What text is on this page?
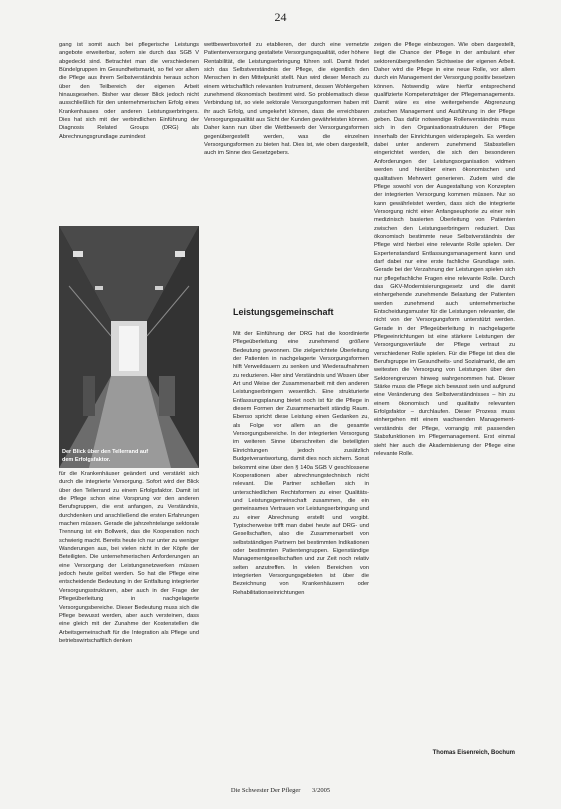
24

gang ist somit auch bei pflegerische Leistungs angebote erweiterbar, sofern sie durch das SGB V abgedeckt sind. Betrachtet man die verschiedenen Bündelgruppen im Gesundheitsmarkt, so fiel vor allem die Pflege aus ihrem Selbstverständnis heraus schon über den Teilbereich der eigenen Arbeit hinausgesehen. Bisher war dieser Blick jedoch nicht ausschließlich für den unternehmerischen Erfolg eines Krankenhauses oder anderen Leistungserbringers. Dies hat sich mit der verbindlichen Einführung der Diagnosis Related Groups (DRG) als Abrechnungsgrundlage zumindest

Der Blick über den Tellerrand auf dem Erfolgsfaktor.

für die Krankenhäuser geändert und verstärkt sich durch die integrierte Versorgung. Sofort wird der Blick über den Tellerrand zu einem Erfolgsfaktor. Damit ist die Pflege schon eine Vorsprung vor den anderen Berufsgruppen, die erst anfangen, zu Verständnis, durchdenken und anschließend die ersten Erfahrungen machen müssen. Gerade die jahrzehntelange sektorale Trennung ist ein Bollwerk, das die Kooperation noch schwierig macht. Bereits heute ich nur unter zu weniger Wanderungen aus, bei vielen nicht in der Köpfe der Beteiligten. Die unternehmerischen Anforderungen an eine Versorgung der Leistungsnetzwerken müssen jedoch heute gelöst werden. So hat die Pflege eine entscheidende Bedeutung in der Entfaltung integrierter Versorgungsstrukturen, aber auch in der Frage der Pflegeüberleitung in nachgelagerte Versorgungsbereiche. Dieser Bedeutung muss sich die Pflege bewusst werden, aber auch versteinen, dass eine gleich mit der Zunahme der Kostenstellen die Arbeitsgemeinschaft für die Integration als Pflege und betriebswirtschaftlich denken

wettbewerbsvorteil zu etablieren, der durch eine vernetzte Patientenversorgung gestaltete Versorgungsqualität, oder höhere Rentabilität, die Leistungserbringung führen soll. Damit findet sich das Selbstverständnis der Pflege, die eigentlich den Menschen in den Mittelpunkt stellt. Nun wird dieser Mensch zu einem wirtschaftlich relevanten Instrument, dessen Wohlergehen zunehmend ökonomisch bestimmt wird. So problematisch diese Verbindung ist, so viele sektorale Versorgungsformen haben mit ihr auch Erfolg, und umgekehrt können, dass die erreichbaren Versorgungsqualität aus Sicht der Kunden gewährleisten können. Daher kann nun über die Wettbewerb der Versorgungsformen gegenübergestellt werden, was die einzelnen Versorgungsformen zu bieten hat. Dies ist, wie oben dargestellt, auch im Sinne des Gesetzgebers.

Leistungsgemeinschaft

Mit der Einführung der DRG hat die koordinierte Pflegeüberleitung eine zunehmend größere Bedeutung gewonnen. Die zielgerichtete Überleitung der Patienten in nachgelagerte Versorgungsformen hilft Verweildauern zu senken und Wiederaufnahmen zu reduzieren. Hier sind Verständnis und Wissen über Art und Weise der Zusammenarbeit mit den anderen Leistungserbringern wesentlich. Eine strukturierte Entlassungsplanung bietet noch ist für die Pflege in diesem Formen der Zusammenarbeit ständig Raum. Ebenso spricht diese Leistung einen Gedanken zu, als Folge vor allem an die gesamte Versorgungsbereiche. In der integrierten Versorgung im weiteren Sinne überschreiten die beteiligten Einrichtungen jedoch zusätzlich Budgetverantwortung, damit dies noch sichern. Sonst bekommt eine über den § 140a SGB V geschlossene Kooperationen aber abrechnungstechnisch nicht relevant. Die Partner schließen sich in unterschiedlichen Rechtsformen zu einer Qualitäts- und Leistungsgemeinschaft zusammen, die ein gemeinsames Vertrauen vor Leistungserbringung und zu einer Abrechnung erstellt und vorgibt. Typischerweise trifft man dabei heute auf DRG- und Gesellschaften, also die Zusammenarbeit von selbstständigen Partnern bei bestimmten Indikationen oder bestimmten Patientengruppen. Eigenständige Managementgesellschaften und zur Zeit noch relativ selten anzutreffen. In vielen Bereichen von integrierten Versorgungsgebieten ist über die Bezeichnung von Krankenhäusern oder Rehabilitationseinrichtungen

zeigen die Pflege einbezogen. Wie oben dargestellt, liegt die Chance der Pflege in der ambulant eher sektorenübergreifenden Sichtweise der eigenen Arbeit. Daher wird die Pflege in eine neue Rolle, vor allem durch ein Management der Versorgung positiv besetzen können. Notwendig wäre hierfür entsprechend qualifizierte Kompetenzträger der Pflegemanagements. Damit wäre es eine weitergehende Abgrenzung zwischen Management und Ausführung in der Pflege geben. Das dafür notwendige Rollenverständnis muss sich in den Organisationsstrukturen der Pflege innerhalb der Einrichtungen widerspiegeln. Es werden dabei unter anderem zunehmend Stabsstellen eingerichtet werden, die sich den besonderen Anforderungen der Leistungsorganisation widmen werden und hierüber einen ökonomischen und qualitativen Mehrwert generieren. Zudem wird die Pflege sowohl von der Ausgestaltung von Konzepten der integrierten Versorgung kommen müssen. Nur so kann gewährleistet werden, dass sich die integrierte Versorgung nicht einer Anfangseuphorie zu einer rein medizinisch basierten Überleitung von Patienten zwischen den Leistungserbringern reduziert. Das ökonomisch bestimmte neue Selbstverständnis der Pflege wird hierbei eine relevante Rolle spielen. Der Expertenstandard Entlassungsmanagement kann und darf dabei nur eine erste fachliche Grundlage sein. Gerade bei der Verzahnung der Leistungen spielen sich nur pflegefachliche Fragen eine relevante Rolle. Durch das GKV-Modernisierungsgesetz und die damit einhergehende zunehmende Belastung der Patienten werden zunehmend auch unternehmerische Entscheidungsmuster für die Leistungen relevanter, die nicht von der Versorgungsform unterstützt werden. Gerade in der Pflegeüberleitung in nachgelagerte Pflegeeinrichtungen ist eine stärkere Leistungen der Versorgungsverläufe der Pflege vertraut zu verschiedener Rolle spielen. Für die Pflege ist dies die Berufsgruppe im Gesundheits- und Sozialmarkt, die am weitesten die Versorgung von Leistungen über den Sektorengrenzen hinweg wahrgenommen hat. Dieser Stärke muss die Pflege sich bewusst sein und aufgrund eine Veränderung des Selbstverständnisses – hin zu einem ökonomisch und qualitativ relevanten Erfolgsfaktor – durchlaufen. Dieser Prozess muss einhergehen mit einem wachsenden Managementverständnis der Pflege, vorrangig mit passenden Stabsfunktionen im Pflegemanagement. Erst einmal sieht hier auch die Akademisierung der Pflege eine relevante Rolle.

Thomas Eisenreich, Bochum
Die Schwester Der Pfleger 3/2005
